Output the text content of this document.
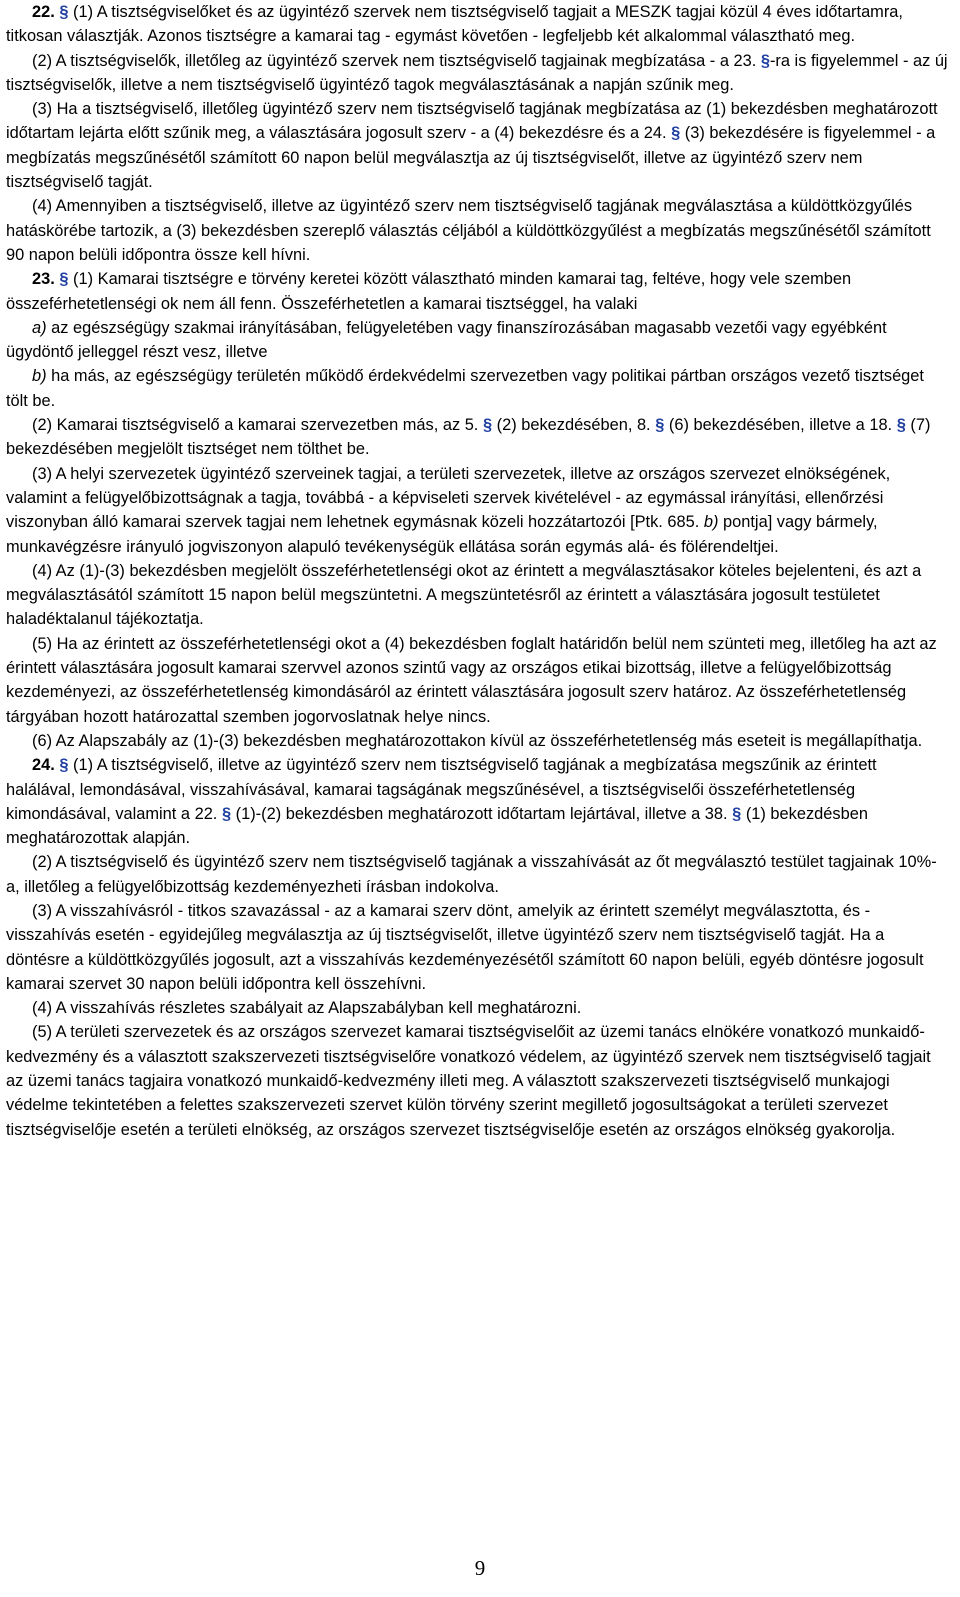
22. § (1) A tisztségviselőket és az ügyintéző szervek nem tisztségviselő tagjait a MESZK tagjai közül 4 éves időtartamra, titkosan választják. Azonos tisztségre a kamarai tag - egymást követően - legfeljebb két alkalommal választható meg.

(2) A tisztségviselők, illetőleg az ügyintéző szervek nem tisztségviselő tagjainak megbízatása - a 23. §-ra is figyelemmel - az új tisztségviselők, illetve a nem tisztségviselő ügyintéző tagok megválasztásának a napján szűnik meg.

(3) Ha a tisztségviselő, illetőleg ügyintéző szerv nem tisztségviselő tagjának megbízatása az (1) bekezdésben meghatározott időtartam lejárta előtt szűnik meg, a választására jogosult szerv - a (4) bekezdésre és a 24. § (3) bekezdésére is figyelemmel - a megbízatás megszűnésétől számított 60 napon belül megválasztja az új tisztségviselőt, illetve az ügyintéző szerv nem tisztségviselő tagját.

(4) Amennyiben a tisztségviselő, illetve az ügyintéző szerv nem tisztségviselő tagjának megválasztása a küldöttközgyűlés hatáskörébe tartozik, a (3) bekezdésben szereplő választás céljából a küldöttközgyűlést a megbízatás megszűnésétől számított 90 napon belüli időpontra össze kell hívni.

23. § (1) Kamarai tisztségre e törvény keretei között választható minden kamarai tag, feltéve, hogy vele szemben összeférhetetlenségi ok nem áll fenn. Összeférhetetlen a kamarai tisztséggel, ha valaki

a) az egészségügy szakmai irányításában, felügyeletében vagy finanszírozásában magasabb vezetői vagy egyébként ügydöntő jelleggel részt vesz, illetve

b) ha más, az egészségügy területén működő érdekvédelmi szervezetben vagy politikai pártban országos vezető tisztséget tölt be.

(2) Kamarai tisztségviselő a kamarai szervezetben más, az 5. § (2) bekezdésében, 8. § (6) bekezdésében, illetve a 18. § (7) bekezdésében megjelölt tisztséget nem tölthet be.

(3) A helyi szervezetek ügyintéző szerveinek tagjai, a területi szervezetek, illetve az országos szervezet elnökségének, valamint a felügyelőbizottságnak a tagja, továbbá - a képviseleti szervek kivételével - az egymással irányítási, ellenőrzési viszonyban álló kamarai szervek tagjai nem lehetnek egymásnak közeli hozzátartozói [Ptk. 685. b) pontja] vagy bármely, munkavégzésre irányuló jogviszonyon alapuló tevékenységük ellátása során egymás alá- és fölérendeltjei.

(4) Az (1)-(3) bekezdésben megjelölt összeférhetetlenségi okot az érintett a megválasztásakor köteles bejelenteni, és azt a megválasztásától számított 15 napon belül megszüntetni. A megszüntetésről az érintett a választására jogosult testületet haladéktalanul tájékoztatja.

(5) Ha az érintett az összeférhetetlenségi okot a (4) bekezdésben foglalt határidőn belül nem szünteti meg, illetőleg ha azt az érintett választására jogosult kamarai szervvel azonos szintű vagy az országos etikai bizottság, illetve a felügyelőbizottság kezdeményezi, az összeférhetetlenség kimondásáról az érintett választására jogosult szerv határoz. Az összeférhetetlenség tárgyában hozott határozattal szemben jogorvoslatnak helye nincs.

(6) Az Alapszabály az (1)-(3) bekezdésben meghatározottakon kívül az összeférhetetlenség más eseteit is megállapíthatja.

24. § (1) A tisztségviselő, illetve az ügyintéző szerv nem tisztségviselő tagjának a megbízatása megszűnik az érintett halálával, lemondásával, visszahívásával, kamarai tagságának megszűnésével, a tisztségviselői összeférhetetlenség kimondásával, valamint a 22. § (1)-(2) bekezdésben meghatározott időtartam lejártával, illetve a 38. § (1) bekezdésben meghatározottak alapján.

(2) A tisztségviselő és ügyintéző szerv nem tisztségviselő tagjának a visszahívását az őt megválasztó testület tagjainak 10%-a, illetőleg a felügyelőbizottság kezdeményezheti írásban indokolva.

(3) A visszahívásról - titkos szavazással - az a kamarai szerv dönt, amelyik az érintett személyt megválasztotta, és - visszahívás esetén - egyidejűleg megválasztja az új tisztségviselőt, illetve ügyintéző szerv nem tisztségviselő tagját. Ha a döntésre a küldöttközgyűlés jogosult, azt a visszahívás kezdeményezésétől számított 60 napon belüli, egyéb döntésre jogosult kamarai szervet 30 napon belüli időpontra kell összehívni.

(4) A visszahívás részletes szabályait az Alapszabályban kell meghatározni.

(5) A területi szervezetek és az országos szervezet kamarai tisztségviselőit az üzemi tanács elnökére vonatkozó munkaidő-kedvezmény és a választott szakszervezeti tisztségviselőre vonatkozó védelem, az ügyintéző szervek nem tisztségviselő tagjait az üzemi tanács tagjaira vonatkozó munkaidő-kedvezmény illeti meg. A választott szakszervezeti tisztségviselő munkajogi védelme tekintetében a felettes szakszervezeti szervet külön törvény szerint megillető jogosultságokat a területi szervezet tisztségviselője esetén a területi elnökség, az országos szervezet tisztségviselője esetén az országos elnökség gyakorolja.

9
